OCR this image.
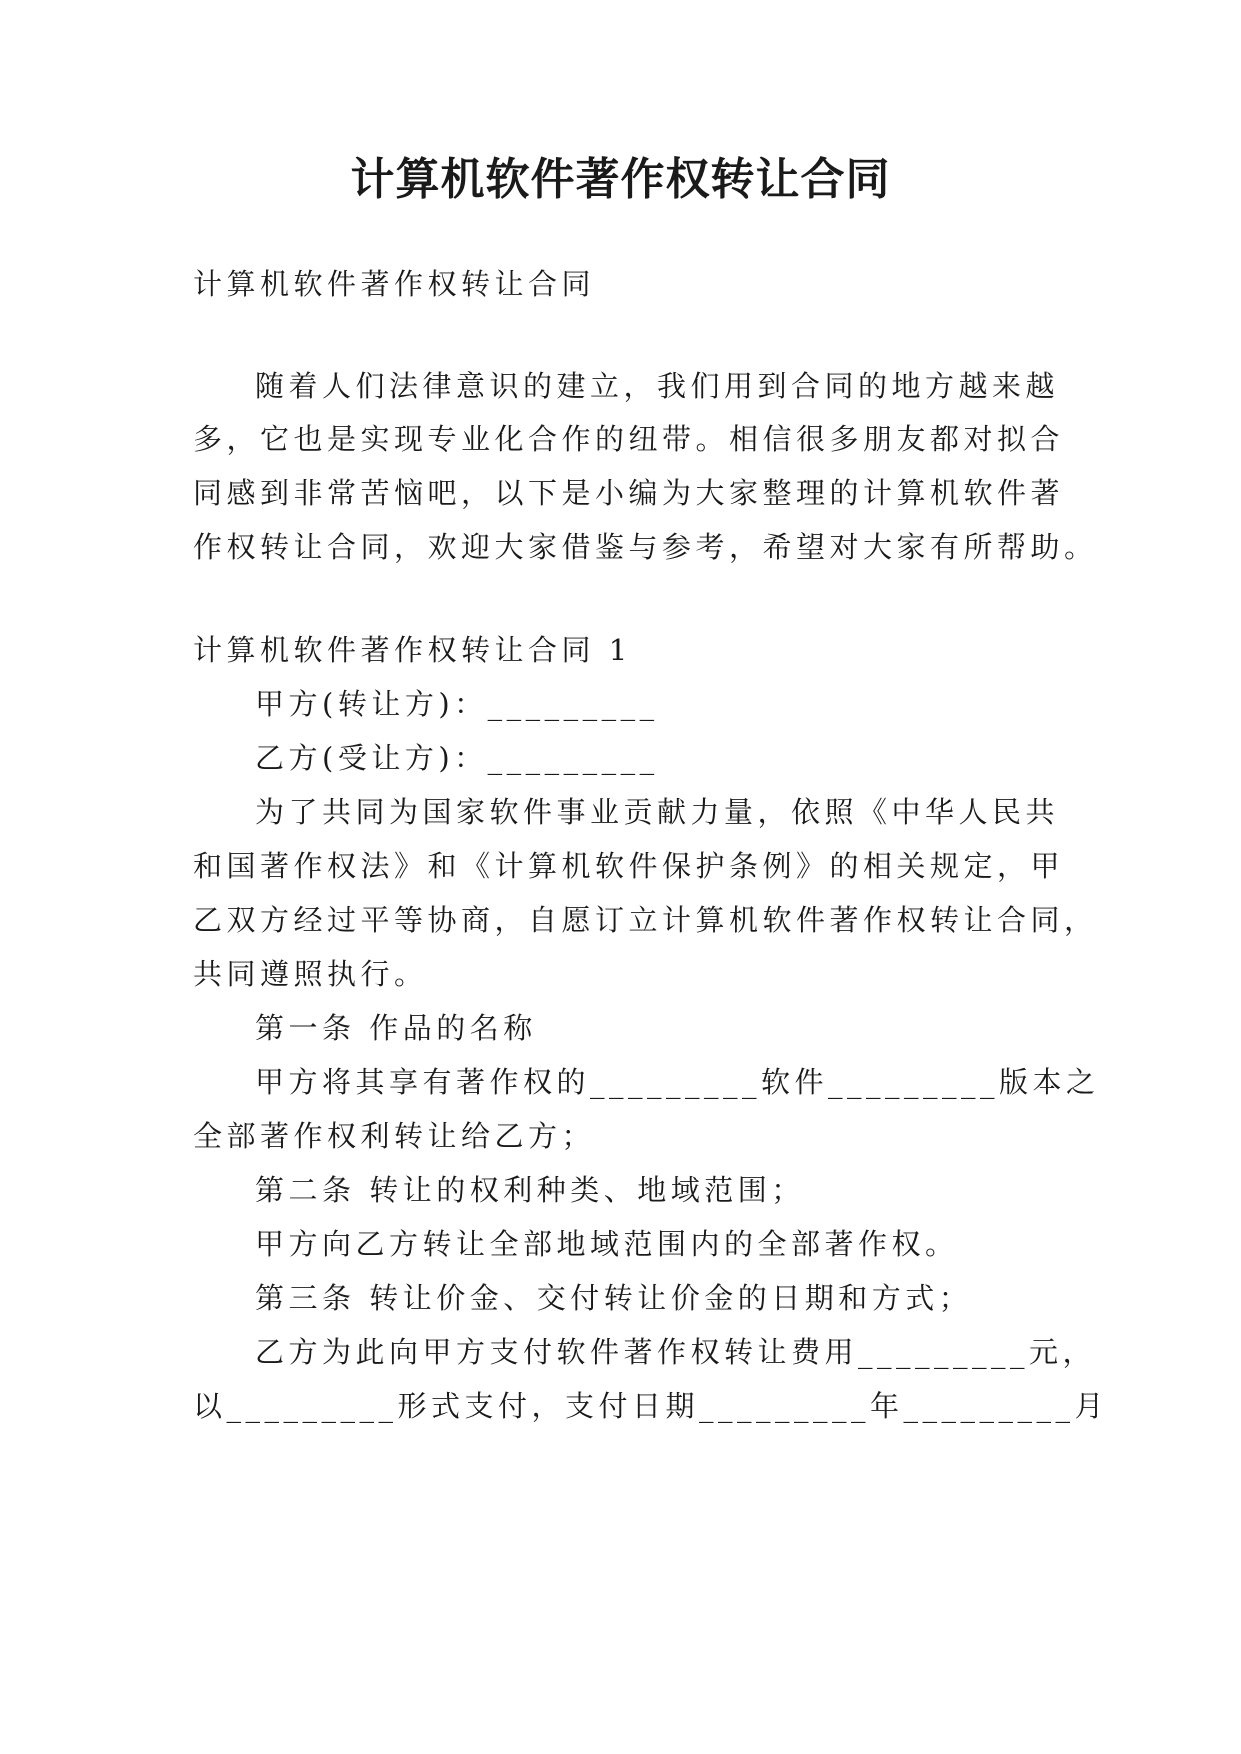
计算机软件著作权转让合同
计算机软件著作权转让合同
随着人们法律意识的建立，我们用到合同的地方越来越
多，它也是实现专业化合作的纽带。相信很多朋友都对拟合
同感到非常苦恼吧，以下是小编为大家整理的计算机软件著
作权转让合同，欢迎大家借鉴与参考，希望对大家有所帮助。
计算机软件著作权转让合同 1
甲方(转让方)：_________
乙方(受让方)：_________
为了共同为国家软件事业贡献力量，依照《中华人民共
和国著作权法》和《计算机软件保护条例》的相关规定，甲
乙双方经过平等协商，自愿订立计算机软件著作权转让合同，
共同遵照执行。
第一条 作品的名称
甲方将其享有著作权的_________软件_________版本之
全部著作权利转让给乙方；
第二条 转让的权利种类、地域范围；
甲方向乙方转让全部地域范围内的全部著作权。
第三条 转让价金、交付转让价金的日期和方式；
乙方为此向甲方支付软件著作权转让费用_________元，
以_________形式支付，支付日期_________年_________月
